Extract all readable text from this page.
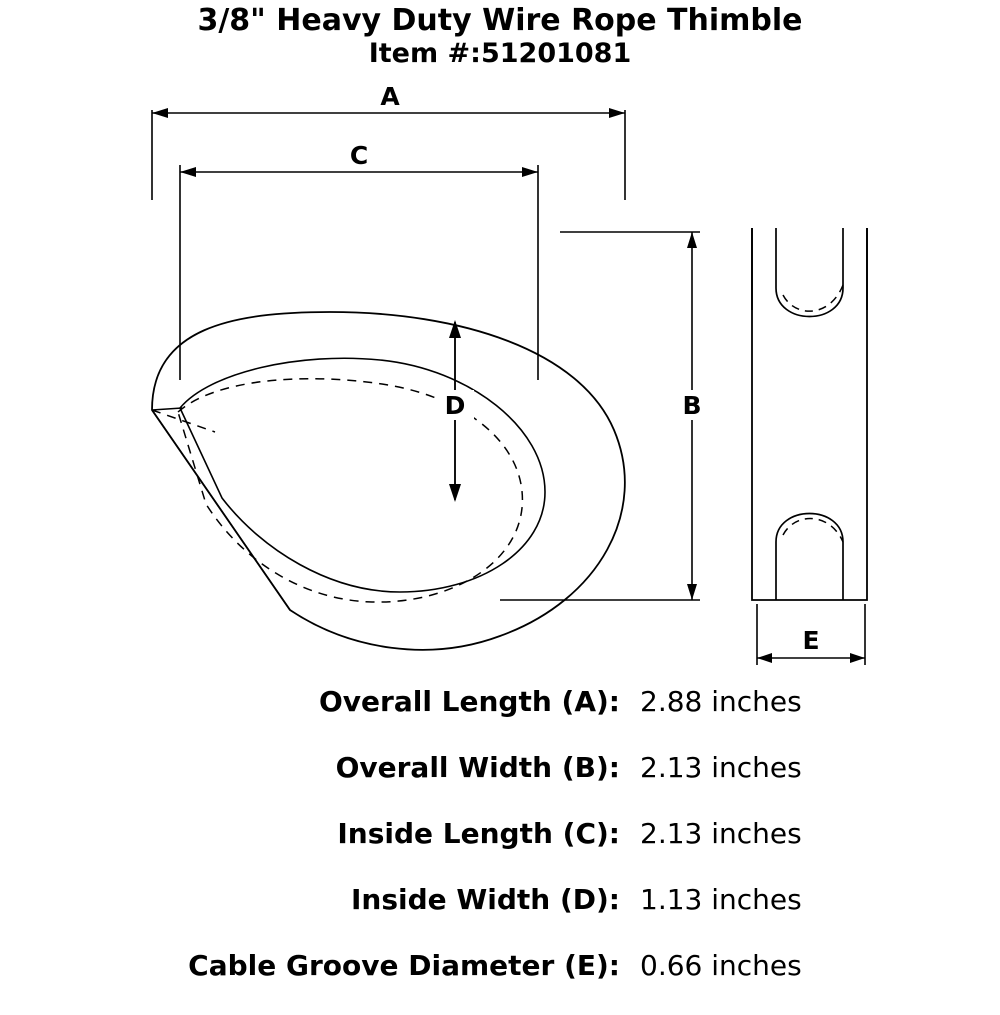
3/8" Heavy Duty Wire Rope Thimble
Item #:51201081
A
C
D	B
E
Overall Length (A): 2.88 inches
Overall Width (B): 2.13 inches
Inside Length (C): 2.13 inches
Inside Width (D): 1.13 inches
Cable Groove Diameter (E): 0.66 inches
